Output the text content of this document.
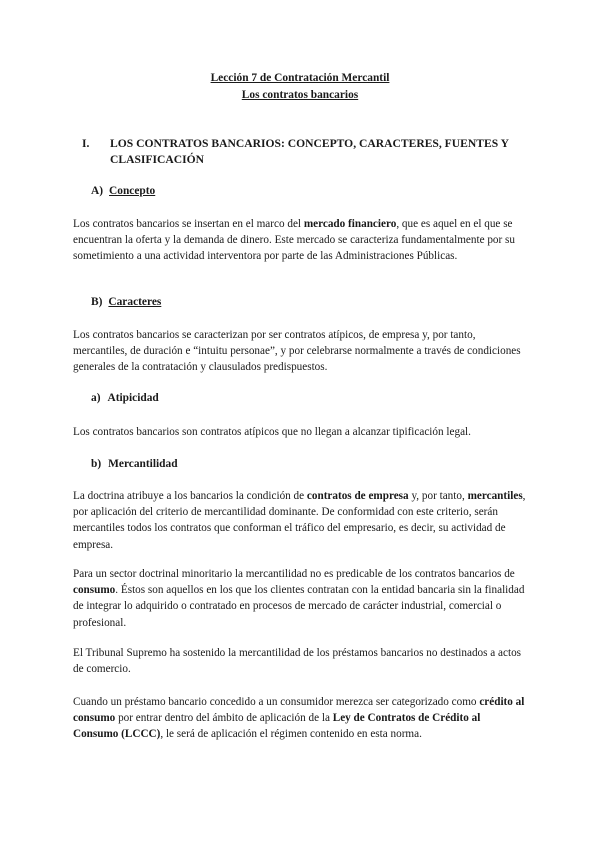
Lección 7 de Contratación Mercantil
Los contratos bancarios
I. LOS CONTRATOS BANCARIOS: CONCEPTO, CARACTERES, FUENTES Y
CLASIFICACIÓN
A) Concepto

Los contratos bancarios se insertan en el marco del mercado financiero, que es aquel en el que se encuentran la oferta y la demanda de dinero. Este mercado se caracteriza fundamentalmente por su sometimiento a una actividad interventora por parte de las Administraciones Públicas.

B) Caracteres

Los contratos bancarios se caracterizan por ser contratos atípicos, de empresa y, por tanto, mercantiles, de duración e “intuitu personae”, y por celebrarse normalmente a través de condiciones generales de la contratación y clausulados predispuestos.

a) Atipicidad

Los contratos bancarios son contratos atípicos que no llegan a alcanzar tipificación legal.

b) Mercantilidad

La doctrina atribuye a los bancarios la condición de contratos de empresa y, por tanto, mercantiles, por aplicación del criterio de mercantilidad dominante. De conformidad con este criterio, serán mercantiles todos los contratos que conforman el tráfico del empresario, es decir, su actividad de empresa.

Para un sector doctrinal minoritario la mercantilidad no es predicable de los contratos bancarios de consumo. Éstos son aquellos en los que los clientes contratan con la entidad bancaria sin la finalidad de integrar lo adquirido o contratado en procesos de mercado de carácter industrial, comercial o profesional.

El Tribunal Supremo ha sostenido la mercantilidad de los préstamos bancarios no destinados a actos de comercio.

Cuando un préstamo bancario concedido a un consumidor merezca ser categorizado como crédito al consumo por entrar dentro del ámbito de aplicación de la Ley de Contratos de Crédito al Consumo (LCCC), le será de aplicación el régimen contenido en esta norma.
